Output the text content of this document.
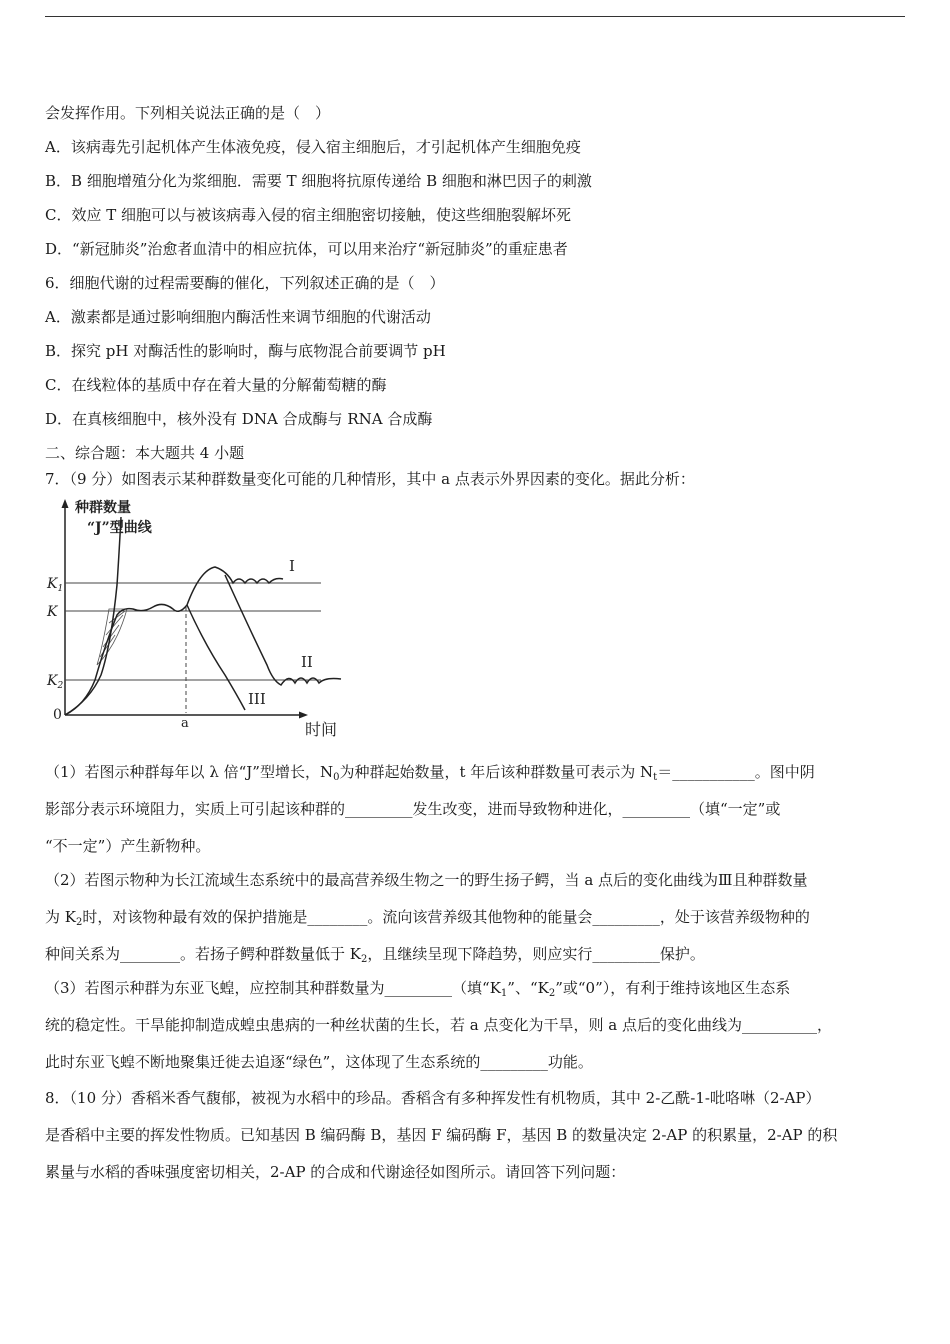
会发挥作用。下列相关说法正确的是（　）
A．该病毒先引起机体产生体液免疫，侵入宿主细胞后，才引起机体产生细胞免疫
B．B 细胞增殖分化为浆细胞．需要 T 细胞将抗原传递给 B 细胞和淋巴因子的刺激
C．效应 T 细胞可以与被该病毒入侵的宿主细胞密切接触，使这些细胞裂解坏死
D．“新冠肺炎”治愈者血清中的相应抗体，可以用来治疗“新冠肺炎”的重症患者
6．细胞代谢的过程需要酶的催化，下列叙述正确的是（　）
A．激素都是通过影响细胞内酶活性来调节细胞的代谢活动
B．探究 pH 对酶活性的影响时，酶与底物混合前要调节 pH
C．在线粒体的基质中存在着大量的分解葡萄糖的酶
D．在真核细胞中，核外没有 DNA 合成酶与 RNA 合成酶
二、综合题：本大题共 4 小题
7．（9 分）如图表示某种群数量变化可能的几种情形，其中 a 点表示外界因素的变化。据此分析：
种群数量
“J”型曲线
$K_1$
K
$K_2$
0
a
I
II
III
时间
（1）若图示种群每年以 λ 倍“J”型增长，$N_0$为种群起始数量，t 年后该种群数量可表示为 $N_t=\_\_\_\_\_\_\_\_\_\_\_$。图中阴
影部分表示环境阻力，实质上可引起该种群的_________发生改变，进而导致物种进化，_________（填“一定”或
“不一定”）产生新物种。
（2）若图示物种为长江流域生态系统中的最高营养级生物之一的野生扬子鳄，当 a 点后的变化曲线为Ⅲ且种群数量
为 $K_2$时，对该物种最有效的保护措施是________。流向该营养级其他物种的能量会_________，处于该营养级物种的
种间关系为________。若扬子鳄种群数量低于 $K_2$，且继续呈现下降趋势，则应实行_________保护。
（3）若图示种群为东亚飞蝗，应控制其种群数量为_________（填“$K_1$”、“$K_2$”或“0”），有利于维持该地区生态系
统的稳定性。干旱能抑制造成蝗虫患病的一种丝状菌的生长，若 a 点变化为干旱，则 a 点后的变化曲线为__________，
此时东亚飞蝗不断地聚集迁徙去追逐“绿色”，这体现了生态系统的_________功能。
8．（10 分）香稻米香气馥郁，被视为水稻中的珍品。香稻含有多种挥发性有机物质，其中 2-乙酰-1-吡咯啉（2-AP）
是香稻中主要的挥发性物质。已知基因 B 编码酶 B，基因 F 编码酶 F，基因 B 的数量决定 2-AP 的积累量，2-AP 的积
累量与水稻的香味强度密切相关，2-AP 的合成和代谢途径如图所示。请回答下列问题：
